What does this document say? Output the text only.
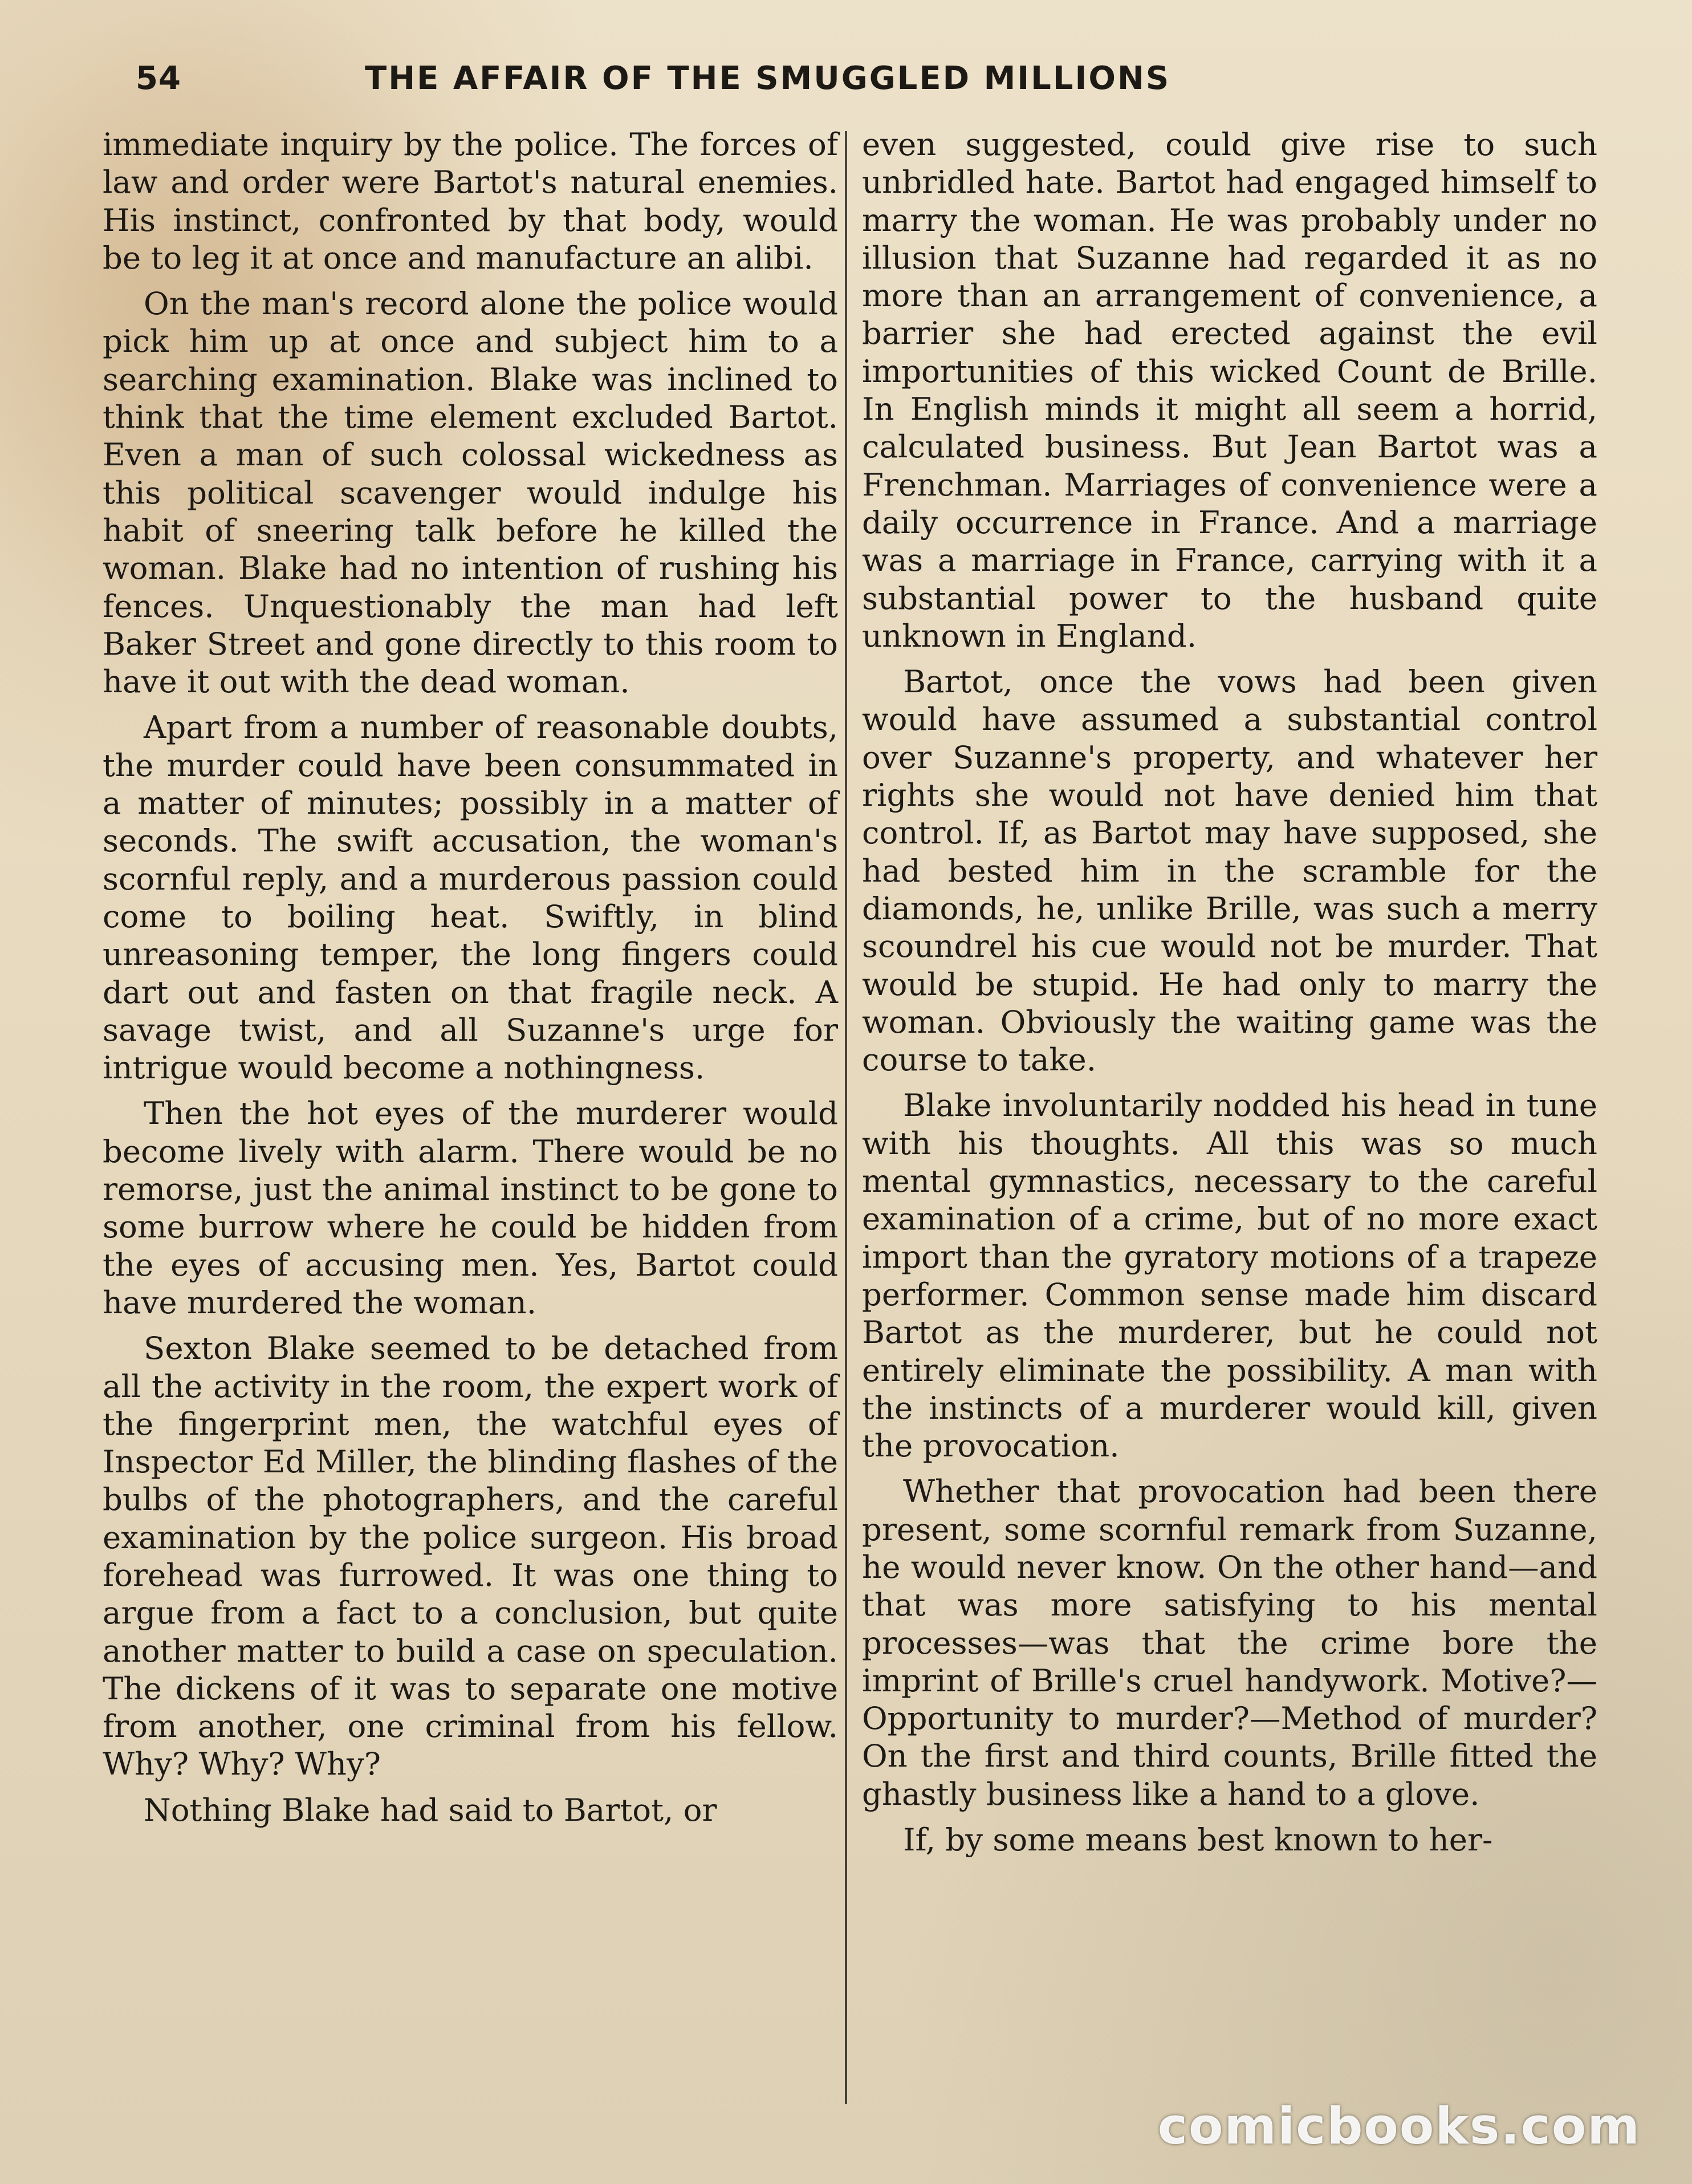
54	THE AFFAIR OF THE SMUGGLED MILLIONS

immediate inquiry by the police. The forces of law and order were Bartot's natural enemies. His instinct, confronted by that body, would be to leg it at once and manufacture an alibi.

On the man's record alone the police would pick him up at once and subject him to a searching examination. Blake was inclined to think that the time element excluded Bartot. Even a man of such colossal wickedness as this political scavenger would indulge his habit of sneering talk before he killed the woman. Blake had no intention of rushing his fences. Unquestionably the man had left Baker Street and gone directly to this room to have it out with the dead woman.

Apart from a number of reasonable doubts, the murder could have been consummated in a matter of minutes; possibly in a matter of seconds. The swift accusation, the woman's scornful reply, and a murderous passion could come to boiling heat. Swiftly, in blind unreasoning temper, the long fingers could dart out and fasten on that fragile neck. A savage twist, and all Suzanne's urge for intrigue would become a nothingness.

Then the hot eyes of the murderer would become lively with alarm. There would be no remorse, just the animal instinct to be gone to some burrow where he could be hidden from the eyes of accusing men. Yes, Bartot could have murdered the woman.

Sexton Blake seemed to be detached from all the activity in the room, the expert work of the fingerprint men, the watchful eyes of Inspector Ed Miller, the blinding flashes of the bulbs of the photographers, and the careful examination by the police surgeon. His broad forehead was furrowed. It was one thing to argue from a fact to a conclusion, but quite another matter to build a case on speculation. The dickens of it was to separate one motive from another, one criminal from his fellow. Why? Why? Why?

Nothing Blake had said to Bartot, or

even suggested, could give rise to such unbridled hate. Bartot had engaged himself to marry the woman. He was probably under no illusion that Suzanne had regarded it as no more than an arrangement of convenience, a barrier she had erected against the evil importunities of this wicked Count de Brille. In English minds it might all seem a horrid, calculated business. But Jean Bartot was a Frenchman. Marriages of convenience were a daily occurrence in France. And a marriage was a marriage in France, carrying with it a substantial power to the husband quite unknown in England.

Bartot, once the vows had been given would have assumed a substantial control over Suzanne's property, and whatever her rights she would not have denied him that control. If, as Bartot may have supposed, she had bested him in the scramble for the diamonds, he, unlike Brille, was such a merry scoundrel his cue would not be murder. That would be stupid. He had only to marry the woman. Obviously the waiting game was the course to take.

Blake involuntarily nodded his head in tune with his thoughts. All this was so much mental gymnastics, necessary to the careful examination of a crime, but of no more exact import than the gyratory motions of a trapeze performer. Common sense made him discard Bartot as the murderer, but he could not entirely eliminate the possibility. A man with the instincts of a murderer would kill, given the provocation.

Whether that provocation had been there present, some scornful remark from Suzanne, he would never know. On the other hand—and that was more satisfying to his mental processes—was that the crime bore the imprint of Brille's cruel handywork. Motive?—Opportunity to murder?—Method of murder? On the first and third counts, Brille fitted the ghastly business like a hand to a glove.

If, by some means best known to her-

comicbooks.com
